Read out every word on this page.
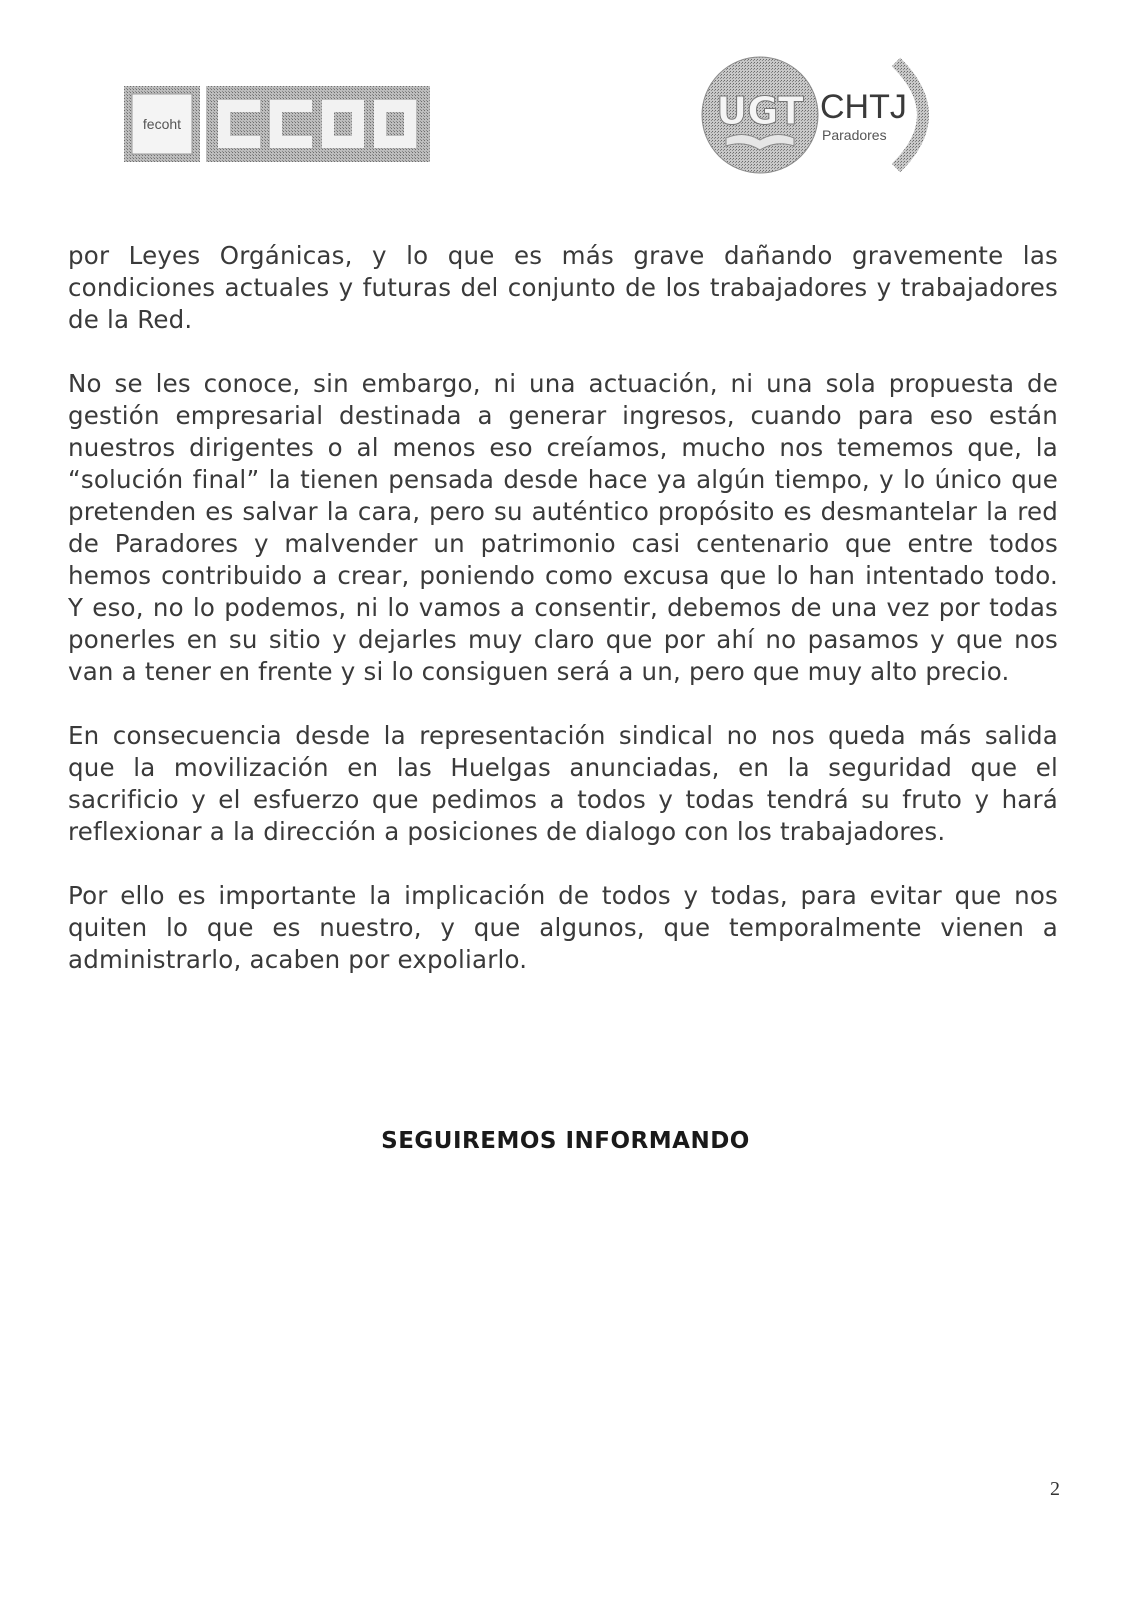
fecoht	UGT CHTJ
Paradores

por Leyes Orgánicas, y lo que es más grave dañando gravemente las condiciones actuales y futuras del conjunto de los trabajadores y trabajadores de la Red.

No se les conoce, sin embargo, ni una actuación, ni una sola propuesta de gestión empresarial destinada a generar ingresos, cuando para eso están nuestros dirigentes o al menos eso creíamos, mucho nos tememos que, la “solución final” la tienen pensada desde hace ya algún tiempo, y lo único que pretenden es salvar la cara, pero su auténtico propósito es desmantelar la red de Paradores y malvender un patrimonio casi centenario que entre todos hemos contribuido a crear, poniendo como excusa que lo han intentado todo. Y eso, no lo podemos, ni lo vamos a consentir, debemos de una vez por todas ponerles en su sitio y dejarles muy claro que por ahí no pasamos y que nos van a tener en frente y si lo consiguen será a un, pero que muy alto precio.

En consecuencia desde la representación sindical no nos queda más salida que la movilización en las Huelgas anunciadas, en la seguridad que el sacrificio y el esfuerzo que pedimos a todos y todas tendrá su fruto y hará reflexionar a la dirección a posiciones de dialogo con los trabajadores.

Por ello es importante la implicación de todos y todas, para evitar que nos quiten lo que es nuestro, y que algunos, que temporalmente vienen a administrarlo, acaben por expoliarlo.

SEGUIREMOS INFORMANDO
2
